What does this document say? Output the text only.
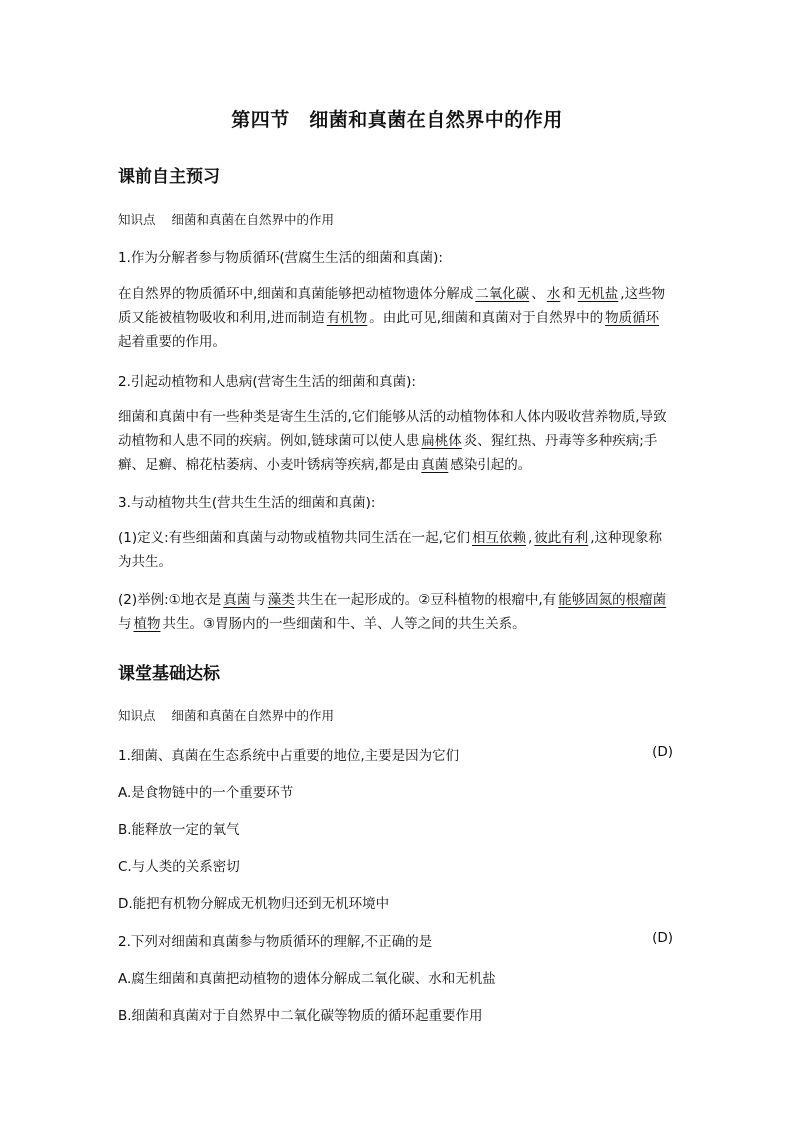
第四节　细菌和真菌在自然界中的作用
课前自主预习
知识点 细菌和真菌在自然界中的作用
1.作为分解者参与物质循环(营腐生生活的细菌和真菌):
在自然界的物质循环中,细菌和真菌能够把动植物遗体分解成 二氧化碳 、 水 和 无机盐 ,这些物质又能被植物吸收和利用,进而制造 有机物 。由此可见,细菌和真菌对于自然界中的 物质循环起着重要的作用。
2.引起动植物和人患病(营寄生生活的细菌和真菌):
细菌和真菌中有一些种类是寄生生活的,它们能够从活的动植物体和人体内吸收营养物质,导致动植物和人患不同的疾病。例如,链球菌可以使人患 扁桃体 炎、猩红热、丹毒等多种疾病;手癣、足癣、棉花枯萎病、小麦叶锈病等疾病,都是由 真菌 感染引起的。
3.与动植物共生(营共生生活的细菌和真菌):
(1)定义:有些细菌和真菌与动物或植物共同生活在一起,它们 相互依赖 , 彼此有利 ,这种现象称为共生。
(2)举例:①地衣是 真菌 与 藻类 共生在一起形成的。②豆科植物的根瘤中,有 能够固氮的根瘤菌与 植物 共生。③胃肠内的一些细菌和牛、羊、人等之间的共生关系。
课堂基础达标
知识点 细菌和真菌在自然界中的作用
1.细菌、真菌在生态系统中占重要的地位,主要是因为它们	(D)
A.是食物链中的一个重要环节
B.能释放一定的氧气
C.与人类的关系密切
D.能把有机物分解成无机物归还到无机环境中
2.下列对细菌和真菌参与物质循环的理解,不正确的是	(D)
A.腐生细菌和真菌把动植物的遗体分解成二氧化碳、水和无机盐
B.细菌和真菌对于自然界中二氧化碳等物质的循环起重要作用
